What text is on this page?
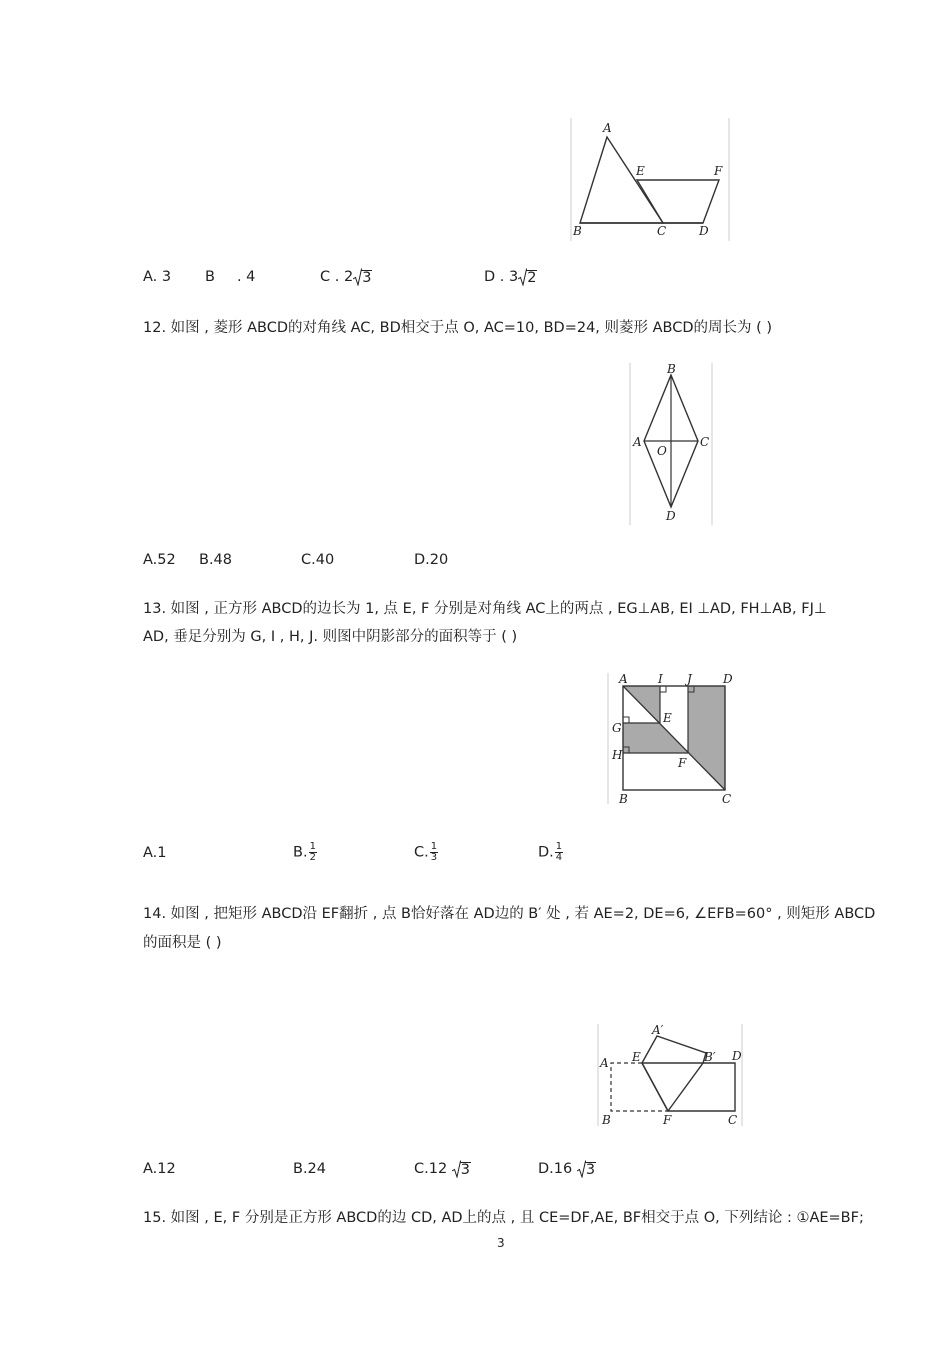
A
B	C	D
E	F
A. 3 B . 4	C . 2 3	D . 3 2
12. 如图 , 菱形 ABCD的对角线 AC, BD相交于点 O, AC=10, BD=24, 则菱形 ABCD的周长为 ( )
B
A	C
D
O
A.52 B.48	C.40	D.20
13. 如图 , 正方形 ABCD的边长为 1, 点 E, F 分别是对角线 AC上的两点 , EG⊥AB, EI ⊥AD, FH⊥AB, FJ⊥
AD, 垂足分别为 G, I , H, J. 则图中阴影部分的面积等于 ( )
A	I J	D
E
G
H
F
B	C
A.1	B. $\frac{1}{2}$	C. $\frac{1}{3}$	D. $\frac{1}{4}$
14. 如图 , 把矩形 ABCD沿 EF翻折 , 点 B恰好落在 AD边的 B′ 处 , 若 AE=2, DE=6, ∠EFB=60° , 则矩形 ABCD
的面积是 ( )
A′
A E	B′ D
B	F	C
A.12	B.24	C.12 3	D.16 3
15. 如图 , E, F 分别是正方形 ABCD的边 CD, AD上的点 , 且 CE=DF,AE, BF相交于点 O, 下列结论 : ①AE=BF;
3
